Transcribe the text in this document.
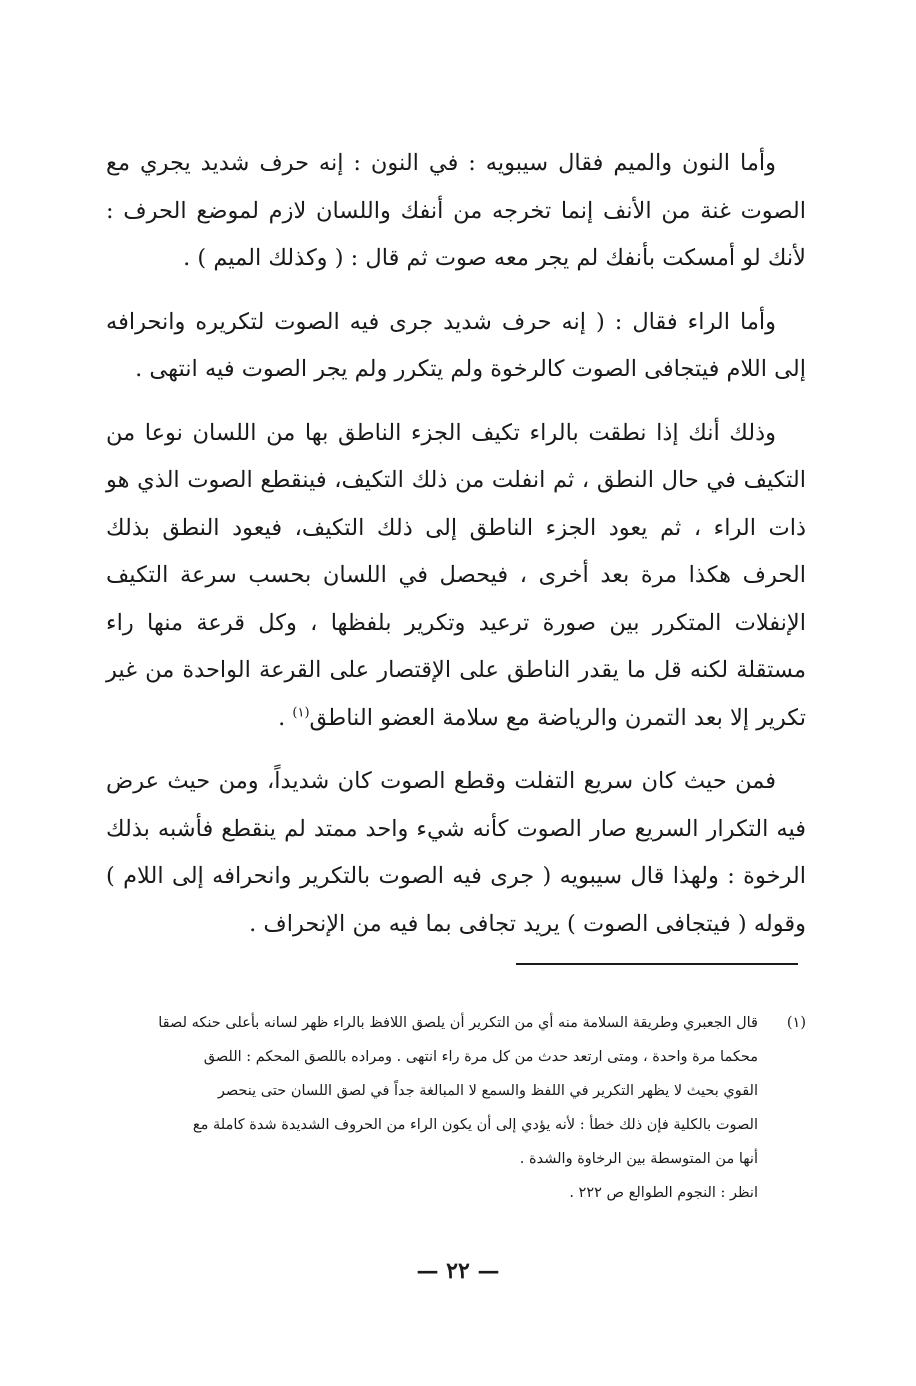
وأما النون والميم فقال سيبويه : في النون : إنه حرف شديد يجري مع الصوت غنة من الأنف إنما تخرجه من أنفك واللسان لازم لموضع الحرف : لأنك لو أمسكت بأنفك لم يجر معه صوت ثم قال : ( وكذلك الميم ) .

وأما الراء فقال : ( إنه حرف شديد جرى فيه الصوت لتكريره وانحرافه إلى اللام فيتجافى الصوت كالرخوة ولم يتكرر ولم يجر الصوت فيه انتهى .

وذلك أنك إذا نطقت بالراء تكيف الجزء الناطق بها من اللسان نوعا من التكيف في حال النطق ، ثم انفلت من ذلك التكيف، فينقطع الصوت الذي هو ذات الراء ، ثم يعود الجزء الناطق إلى ذلك التكيف، فيعود النطق بذلك الحرف هكذا مرة بعد أخرى ، فيحصل في اللسان بحسب سرعة التكيف الإنفلات المتكرر بين صورة ترعيد وتكرير بلفظها ، وكل قرعة منها راء مستقلة لكنه قل ما يقدر الناطق على الإقتصار على القرعة الواحدة من غير تكرير إلا بعد التمرن والرياضة مع سلامة العضو الناطق$^{(١)}$ .

فمن حيث كان سريع التفلت وقطع الصوت كان شديداً، ومن حيث عرض فيه التكرار السريع صار الصوت كأنه شيء واحد ممتد لم ينقطع فأشبه بذلك الرخوة : ولهذا قال سيبويه ( جرى فيه الصوت بالتكرير وانحرافه إلى اللام ) وقوله ( فيتجافى الصوت ) يريد تجافى بما فيه من الإنحراف .

(١)

قال الجعبري وطريقة السلامة منه أي من التكرير أن يلصق اللافظ بالراء ظهر لسانه بأعلى حنكه لصقا

محكما مرة واحدة ، ومتى ارتعد حدث من كل مرة راء انتهى . ومراده باللصق المحكم : اللصق

القوي بحيث لا يظهر التكرير في اللفظ والسمع لا المبالغة جداً في لصق اللسان حتى ينحصر

الصوت بالكلية فإن ذلك خطأ : لأنه يؤدي إلى أن يكون الراء من الحروف الشديدة شدة كاملة مع

أنها من المتوسطة بين الرخاوة والشدة .

انظر : النجوم الطوالع ص ٢٢٢ .

— ٢٢ —
